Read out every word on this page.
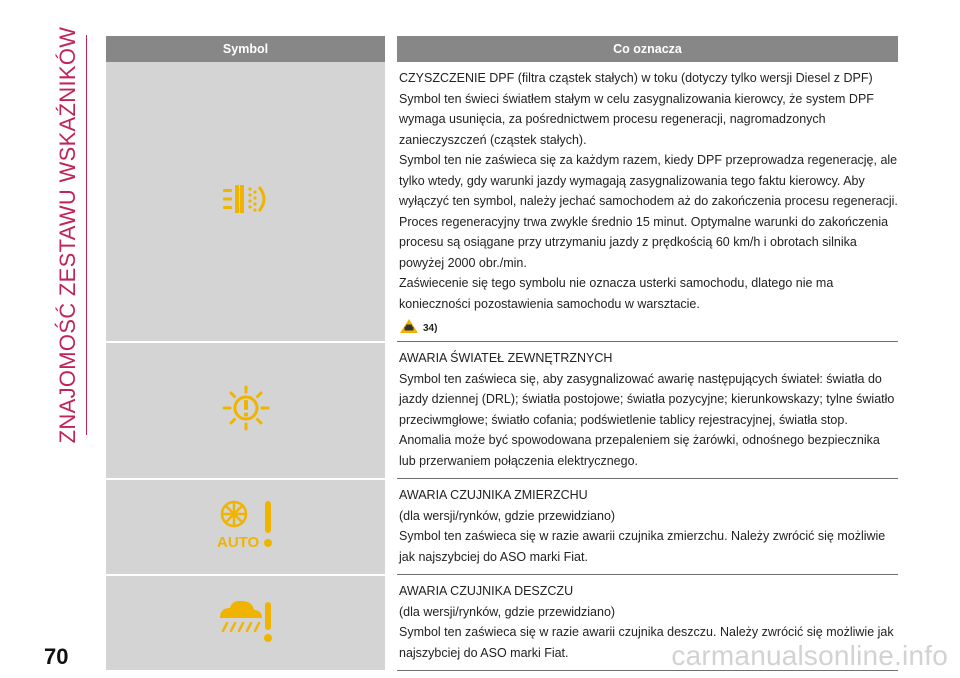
ZNAJOMOŚĆ ZESTAWU WSKAŹNIKÓW	Symbol	Co oznacza

CZYSZCZENIE DPF (filtra cząstek stałych) w toku (dotyczy tylko wersji Diesel z DPF)

Symbol ten świeci światłem stałym w celu zasygnalizowania kierowcy, że system DPF wymaga usunięcia, za pośrednictwem procesu regeneracji, nagromadzonych zanieczyszczeń (cząstek stałych).

Symbol ten nie zaświeca się za każdym razem, kiedy DPF przeprowadza regenerację, ale tylko wtedy, gdy warunki jazdy wymagają zasygnalizowania tego faktu kierowcy. Aby wyłączyć ten symbol, należy jechać samochodem aż do zakończenia procesu regeneracji. Proces regeneracyjny trwa zwykle średnio 15 minut. Optymalne warunki do zakończenia procesu są osiągane przy utrzymaniu jazdy z prędkością 60 km/h i obrotach silnika powyżej 2000 obr./min.

Zaświecenie się tego symbolu nie oznacza usterki samochodu, dlatego nie ma konieczności pozostawienia samochodu w warsztacie.

34)

AWARIA ŚWIATEŁ ZEWNĘTRZNYCH

Symbol ten zaświeca się, aby zasygnalizować awarię następujących świateł: światła do jazdy dziennej (DRL); światła postojowe; światła pozycyjne; kierunkowskazy; tylne światło przeciwmgłowe; światło cofania; podświetlenie tablicy rejestracyjnej, światła stop.

Anomalia może być spowodowana przepaleniem się żarówki, odnośnego bezpiecznika lub przerwaniem połączenia elektrycznego.

AUTO	AWARIA CZUJNIKA ZMIERZCHU

(dla wersji/rynków, gdzie przewidziano)

Symbol ten zaświeca się w razie awarii czujnika zmierzchu. Należy zwrócić się możliwie jak najszybciej do ASO marki Fiat.

AWARIA CZUJNIKA DESZCZU

(dla wersji/rynków, gdzie przewidziano)

Symbol ten zaświeca się w razie awarii czujnika deszczu. Należy zwrócić się możliwie jak najszybciej do ASO marki Fiat.

70	carmanualsonline.info
